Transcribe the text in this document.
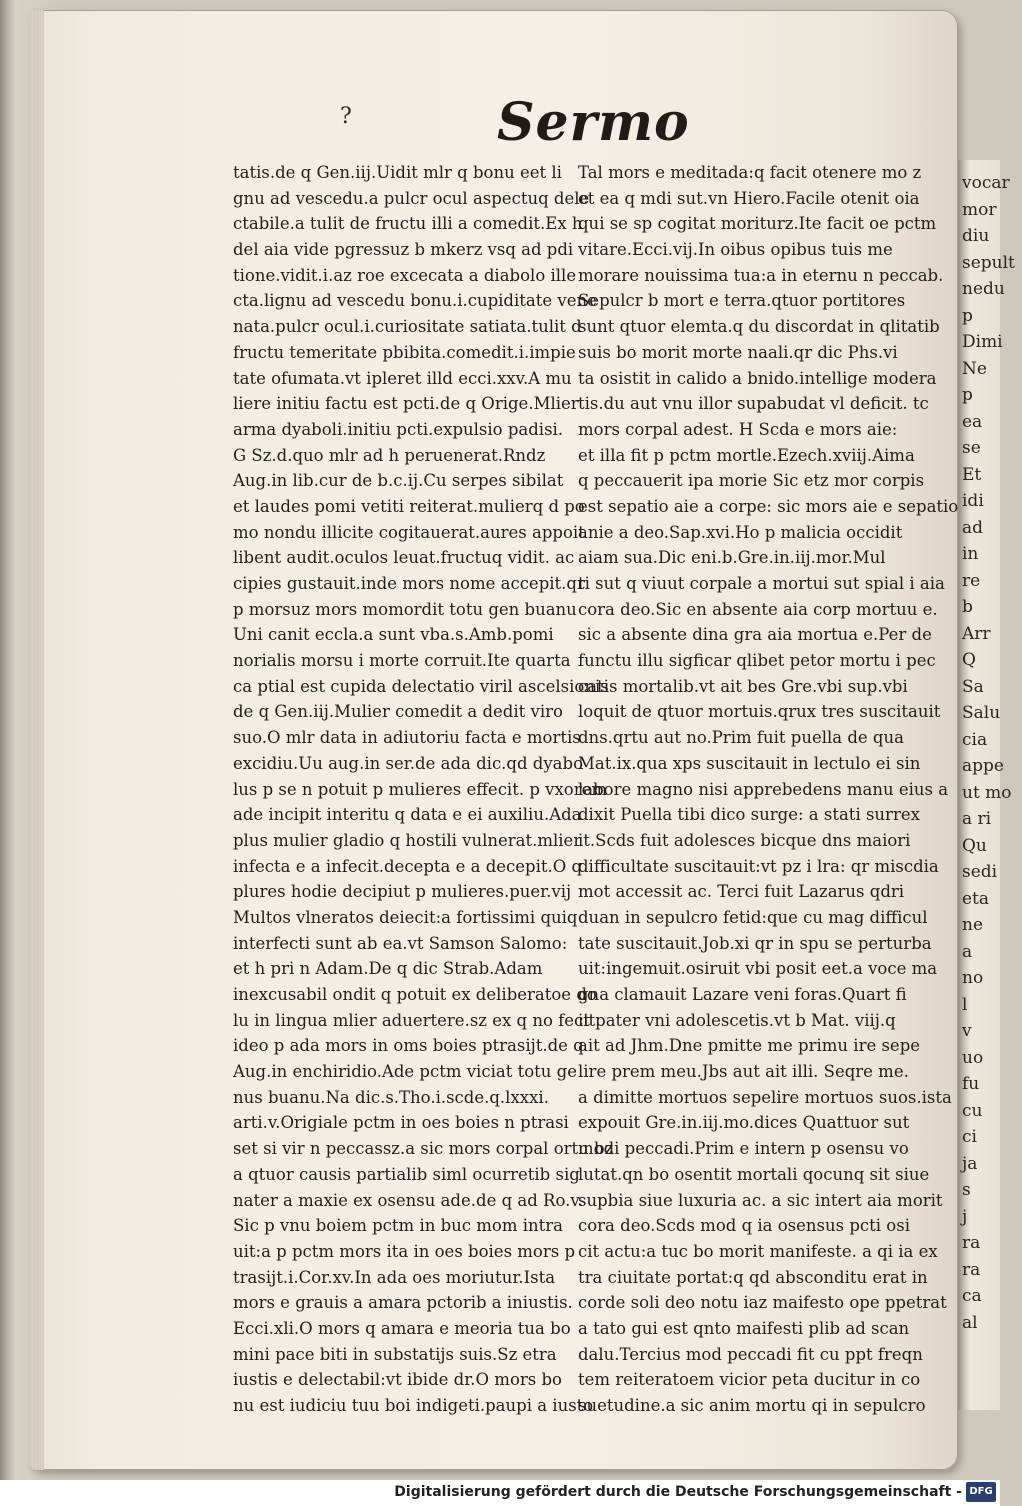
vocar
mor
diu
sepult
nedu
p
Dimi
Ne
p
ea
se
Et
idi
ad
in
re
b
Arr
Q
Sa
Salu
cia
appe
ut mo
a ri
Qu
sedi
eta
ne
a
no
l
v
uo
fu
cu
ci
ja
s
j
ra
ra
ca
al
?	Sermo
tatis.de q Gen.iij.Uidit mlr q bonu eet li
gnu ad vescedu.a pulcr ocul aspectuq dele
ctabile.a tulit de fructu illi a comedit.Ex h
del aia vide pgressuz b mkerz vsq ad pdi
tione.vidit.i.az roe excecata a diabolo ille
cta.lignu ad vescedu bonu.i.cupiditate vene
nata.pulcr ocul.i.curiositate satiata.tulit d
fructu temeritate pbibita.comedit.i.impie
tate ofumata.vt ipleret illd ecci.xxv.A mu
liere initiu factu est pcti.de q Orige.Mlier
arma dyaboli.initiu pcti.expulsio padisi.
G Sz.d.quo mlr ad h peruenerat.Rndz
Aug.in lib.cur de b.c.ij.Cu serpes sibilat
et laudes pomi vetiti reiterat.mulierq d po
mo nondu illicite cogitauerat.aures appoit
libent audit.oculos leuat.fructuq vidit. ac
cipies gustauit.inde mors nome accepit.qr
p morsuz mors momordit totu gen buanu
Uni canit eccla.a sunt vba.s.Amb.pomi
norialis morsu i morte corruit.Ite quarta
ca ptial est cupida delectatio viril ascelsionis
de q Gen.iij.Mulier comedit a dedit viro
suo.O mlr data in adiutoriu facta e mortis
excidiu.Uu aug.in ser.de ada dic.qd dyabo
lus p se n potuit p mulieres effecit. p vxorem
ade incipit interitu q data e ei auxiliu.Ada
plus mulier gladio q hostili vulnerat.mlier
infecta e a infecit.decepta e a decepit.O q
plures hodie decipiut p mulieres.puer.vij
Multos vlneratos deiecit:a fortissimi quiq
interfecti sunt ab ea.vt Samson Salomo:
et h pri n Adam.De q dic Strab.Adam
inexcusabil ondit q potuit ex deliberatoe do
lu in lingua mlier aduertere.sz ex q no fecit.
ideo p ada mors in oms boies ptrasijt.de q
Aug.in enchiridio.Ade pctm viciat totu ge
nus buanu.Na dic.s.Tho.i.scde.q.lxxxi.
arti.v.Origiale pctm in oes boies n ptrasi
set si vir n peccassz.a sic mors corpal ortu bz
a qtuor causis partialib siml ocurretib sig
nater a maxie ex osensu ade.de q ad Ro.v.
Sic p vnu boiem pctm in buc mom intra
uit:a p pctm mors ita in oes boies mors p
trasijt.i.Cor.xv.In ada oes moriutur.Ista
mors e grauis a amara pctorib a iniustis.
Ecci.xli.O mors q amara e meoria tua bo
mini pace biti in substatijs suis.Sz etra
iustis e delectabil:vt ibide dr.O mors bo
nu est iudiciu tuu boi indigeti.paupi a iusto
Tal mors e meditada:q facit otenere mo z
et ea q mdi sut.vn Hiero.Facile otenit oia
qui se sp cogitat moriturz.Ite facit oe pctm
vitare.Ecci.vij.In oibus opibus tuis me
morare nouissima tua:a in eternu n peccab.
Sepulcr b mort e terra.qtuor portitores
sunt qtuor elemta.q du discordat in qlitatib
suis bo morit morte naali.qr dic Phs.vi
ta osistit in calido a bnido.intellige modera
tis.du aut vnu illor supabudat vl deficit. tc
mors corpal adest. H Scda e mors aie:
et illa fit p pctm mortle.Ezech.xviij.Aima
q peccauerit ipa morie Sic etz mor corpis
est sepatio aie a corpe: sic mors aie e sepatio
anie a deo.Sap.xvi.Ho p malicia occidit
aiam sua.Dic eni.b.Gre.in.iij.mor.Mul
ti sut q viuut corpale a mortui sut spial i aia
cora deo.Sic en absente aia corp mortuu e.
sic a absente dina gra aia mortua e.Per de
functu illu sigficar qlibet petor mortu i pec
catis mortalib.vt ait bes Gre.vbi sup.vbi
loquit de qtuor mortuis.qrux tres suscitauit
dns.qrtu aut no.Prim fuit puella de qua
Mat.ix.qua xps suscitauit in lectulo ei sin
labore magno nisi apprebedens manu eius a
dixit Puella tibi dico surge: a stati surrex
it.Scds fuit adolesces bicque dns maiori
difficultate suscitauit:vt pz i lra: qr miscdia
mot accessit ac. Terci fuit Lazarus qdri
duan in sepulcro fetid:que cu mag difficul
tate suscitauit.Job.xi qr in spu se perturba
uit:ingemuit.osiruit vbi posit eet.a voce ma
gna clamauit Lazare veni foras.Quart fi
it pater vni adolescetis.vt b Mat. viij.q
ait ad Jhm.Dne pmitte me primu ire sepe
lire prem meu.Jbs aut ait illi. Seqre me.
a dimitte mortuos sepelire mortuos suos.ista
expouit Gre.in.iij.mo.dices Quattuor sut
modi peccadi.Prim e intern p osensu vo
lutat.qn bo osentit mortali qocunq sit siue
supbia siue luxuria ac. a sic intert aia morit
cora deo.Scds mod q ia osensus pcti osi
cit actu:a tuc bo morit manifeste. a qi ia ex
tra ciuitate portat:q qd absconditu erat in
corde soli deo notu iaz maifesto ope ppetrat
a tato gui est qnto maifesti plib ad scan
dalu.Tercius mod peccadi fit cu ppt freqn
tem reiteratoem vicior peta ducitur in co
suetudine.a sic anim mortu qi in sepulcro
Digitalisierung gefördert durch die Deutsche Forschungsgemeinschaft - DFG
